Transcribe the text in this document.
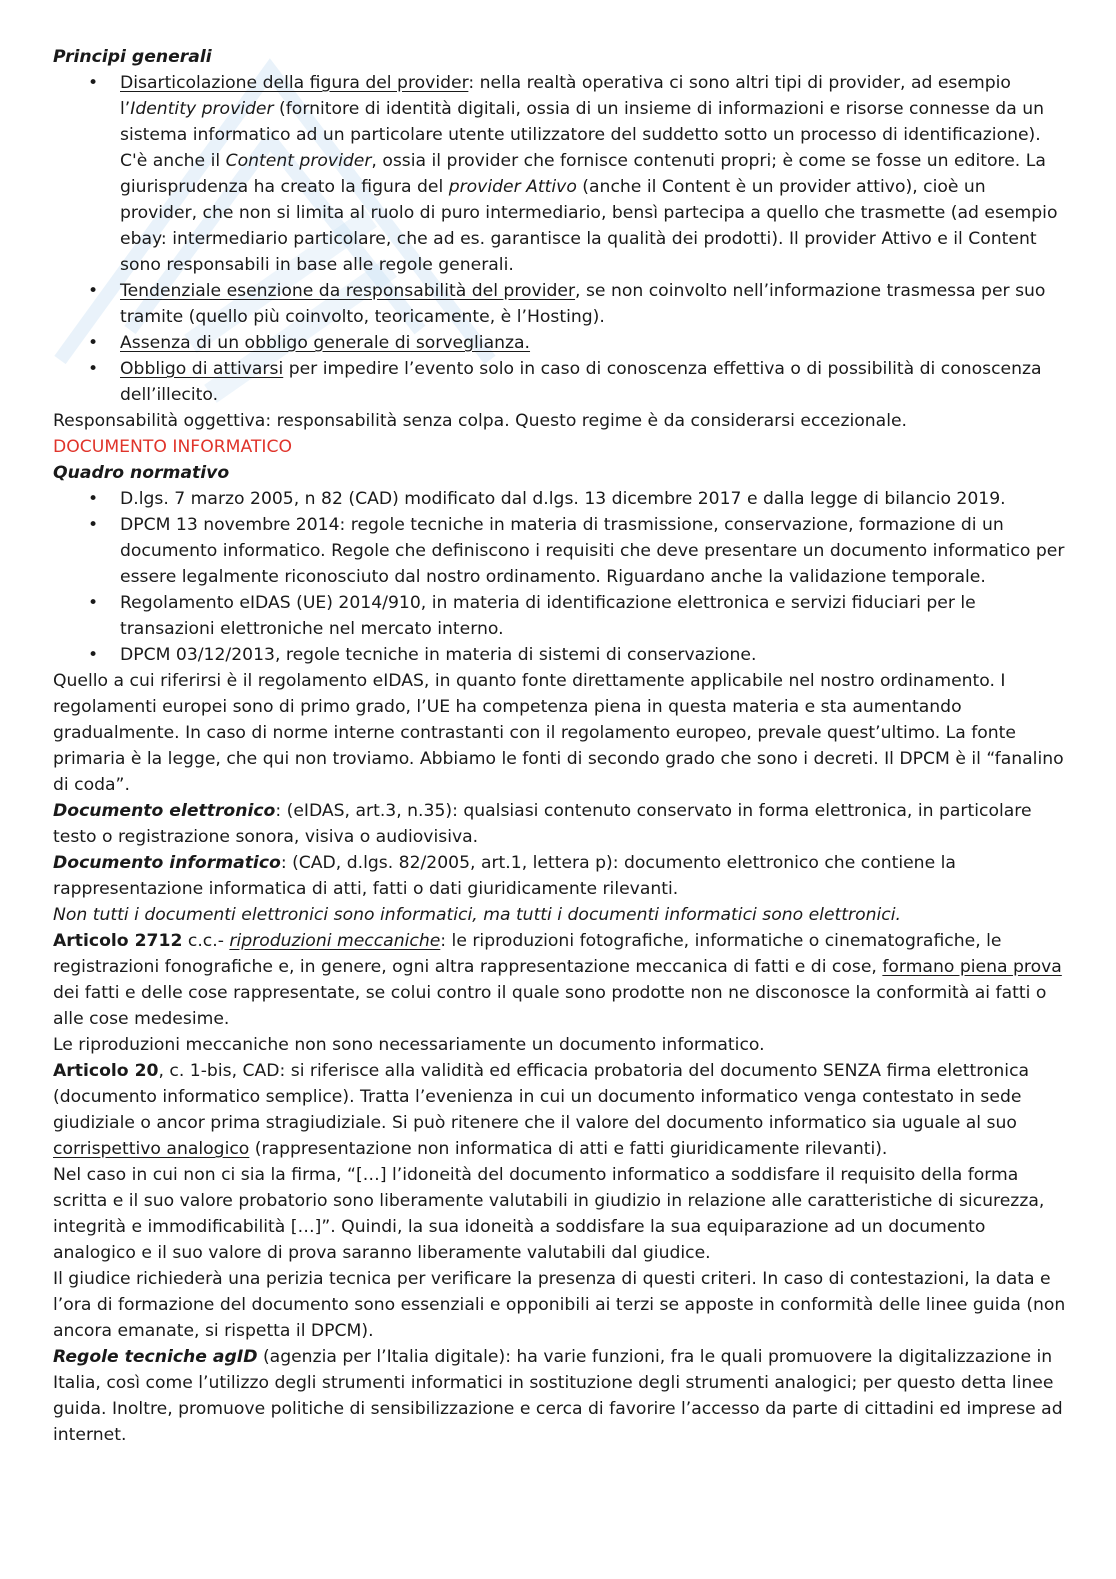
Principi generali

• Disarticolazione della figura del provider: nella realtà operativa ci sono altri tipi di provider, ad esempio l’Identity provider (fornitore di identità digitali, ossia di un insieme di informazioni e risorse connesse da un sistema informatico ad un particolare utente utilizzatore del suddetto sotto un processo di identificazione). C'è anche il Content provider, ossia il provider che fornisce contenuti propri; è come se fosse un editore. La giurisprudenza ha creato la figura del provider Attivo (anche il Content è un provider attivo), cioè un provider, che non si limita al ruolo di puro intermediario, bensì partecipa a quello che trasmette (ad esempio ebay: intermediario particolare, che ad es. garantisce la qualità dei prodotti). Il provider Attivo e il Content sono responsabili in base alle regole generali.
• Tendenziale esenzione da responsabilità del provider, se non coinvolto nell’informazione trasmessa per suo tramite (quello più coinvolto, teoricamente, è l’Hosting).
• Assenza di un obbligo generale di sorveglianza.
• Obbligo di attivarsi per impedire l’evento solo in caso di conoscenza effettiva o di possibilità di conoscenza dell’illecito.

Responsabilità oggettiva: responsabilità senza colpa. Questo regime è da considerarsi eccezionale.

DOCUMENTO INFORMATICO

Quadro normativo

• D.lgs. 7 marzo 2005, n 82 (CAD) modificato dal d.lgs. 13 dicembre 2017 e dalla legge di bilancio 2019.
• DPCM 13 novembre 2014: regole tecniche in materia di trasmissione, conservazione, formazione di un documento informatico. Regole che definiscono i requisiti che deve presentare un documento informatico per essere legalmente riconosciuto dal nostro ordinamento. Riguardano anche la validazione temporale.
• Regolamento eIDAS (UE) 2014/910, in materia di identificazione elettronica e servizi fiduciari per le transazioni elettroniche nel mercato interno.
• DPCM 03/12/2013, regole tecniche in materia di sistemi di conservazione.

Quello a cui riferirsi è il regolamento eIDAS, in quanto fonte direttamente applicabile nel nostro ordinamento. I regolamenti europei sono di primo grado, l’UE ha competenza piena in questa materia e sta aumentando gradualmente. In caso di norme interne contrastanti con il regolamento europeo, prevale quest’ultimo. La fonte primaria è la legge, che qui non troviamo. Abbiamo le fonti di secondo grado che sono i decreti. Il DPCM è il “fanalino di coda”.

Documento elettronico: (eIDAS, art.3, n.35): qualsiasi contenuto conservato in forma elettronica, in particolare testo o registrazione sonora, visiva o audiovisiva.

Documento informatico: (CAD, d.lgs. 82/2005, art.1, lettera p): documento elettronico che contiene la rappresentazione informatica di atti, fatti o dati giuridicamente rilevanti.

Non tutti i documenti elettronici sono informatici, ma tutti i documenti informatici sono elettronici.

Articolo 2712 c.c.- riproduzioni meccaniche: le riproduzioni fotografiche, informatiche o cinematografiche, le registrazioni fonografiche e, in genere, ogni altra rappresentazione meccanica di fatti e di cose, formano piena prova dei fatti e delle cose rappresentate, se colui contro il quale sono prodotte non ne disconosce la conformità ai fatti o alle cose medesime.

Le riproduzioni meccaniche non sono necessariamente un documento informatico.

Articolo 20, c. 1-bis, CAD: si riferisce alla validità ed efficacia probatoria del documento SENZA firma elettronica (documento informatico semplice). Tratta l’evenienza in cui un documento informatico venga contestato in sede giudiziale o ancor prima stragiudiziale. Si può ritenere che il valore del documento informatico sia uguale al suo corrispettivo analogico (rappresentazione non informatica di atti e fatti giuridicamente rilevanti).

Nel caso in cui non ci sia la firma, “[…] l’idoneità del documento informatico a soddisfare il requisito della forma scritta e il suo valore probatorio sono liberamente valutabili in giudizio in relazione alle caratteristiche di sicurezza, integrità e immodificabilità […]”. Quindi, la sua idoneità a soddisfare la sua equiparazione ad un documento analogico e il suo valore di prova saranno liberamente valutabili dal giudice.

Il giudice richiederà una perizia tecnica per verificare la presenza di questi criteri. In caso di contestazioni, la data e l’ora di formazione del documento sono essenziali e opponibili ai terzi se apposte in conformità delle linee guida (non ancora emanate, si rispetta il DPCM).

Regole tecniche agID (agenzia per l’Italia digitale): ha varie funzioni, fra le quali promuovere la digitalizzazione in Italia, così come l’utilizzo degli strumenti informatici in sostituzione degli strumenti analogici; per questo detta linee guida. Inoltre, promuove politiche di sensibilizzazione e cerca di favorire l’accesso da parte di cittadini ed imprese ad internet.
